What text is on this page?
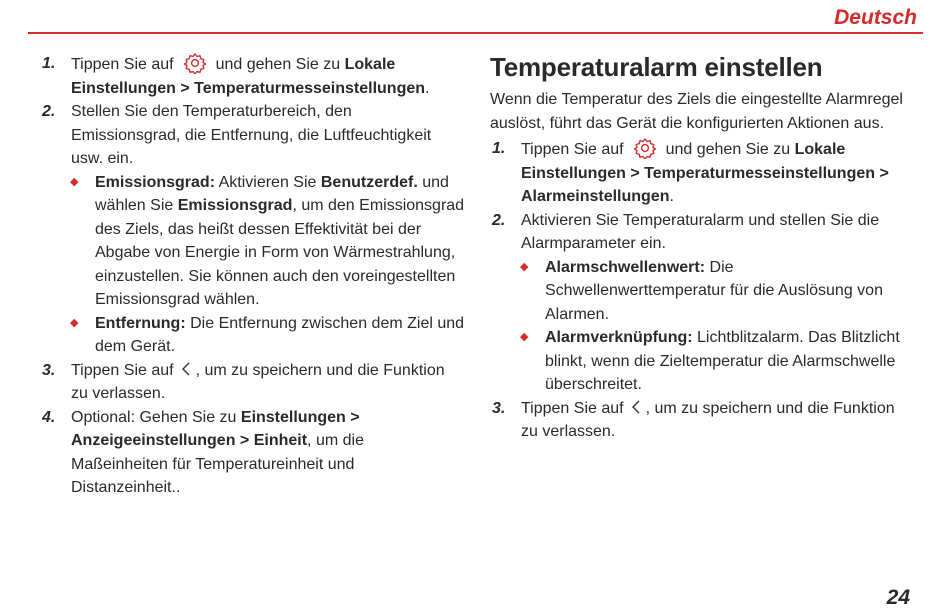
Deutsch
1. Tippen Sie auf	und gehen Sie zu Lokale Einstellungen > Temperaturmesseinstellungen.
2. Stellen Sie den Temperaturbereich, den Emissionsgrad, die Entfernung, die Luftfeuchtigkeit usw. ein.
◆ Emissionsgrad: Aktivieren Sie Benutzerdef. und wählen Sie Emissionsgrad, um den Emissionsgrad des Ziels, das heißt dessen Effektivität bei der Abgabe von Energie in Form von Wärmestrahlung, einzustellen. Sie können auch den voreingestellten Emissionsgrad wählen.
◆ Entfernung: Die Entfernung zwischen dem Ziel und dem Gerät.
3. Tippen Sie auf , um zu speichern und die Funktion zu verlassen.
4. Optional: Gehen Sie zu Einstellungen > Anzeigeeinstellungen > Einheit, um die Maßeinheiten für Temperatureinheit und Distanzeinheit..
Temperaturalarm einstellen

Wenn die Temperatur des Ziels die eingestellte Alarmregel auslöst, führt das Gerät die konfigurierten Aktionen aus.

1. Tippen Sie auf	und gehen Sie zu Lokale Einstellungen > Temperaturmesseinstellungen > Alarmeinstellungen.
2. Aktivieren Sie Temperaturalarm und stellen Sie die Alarmparameter ein.
◆ Alarmschwellenwert: Die Schwellenwerttemperatur für die Auslösung von Alarmen.
◆ Alarmverknüpfung: Lichtblitzalarm. Das Blitzlicht blinkt, wenn die Zieltemperatur die Alarmschwelle überschreitet.
3. Tippen Sie auf , um zu speichern und die Funktion zu verlassen.
24
